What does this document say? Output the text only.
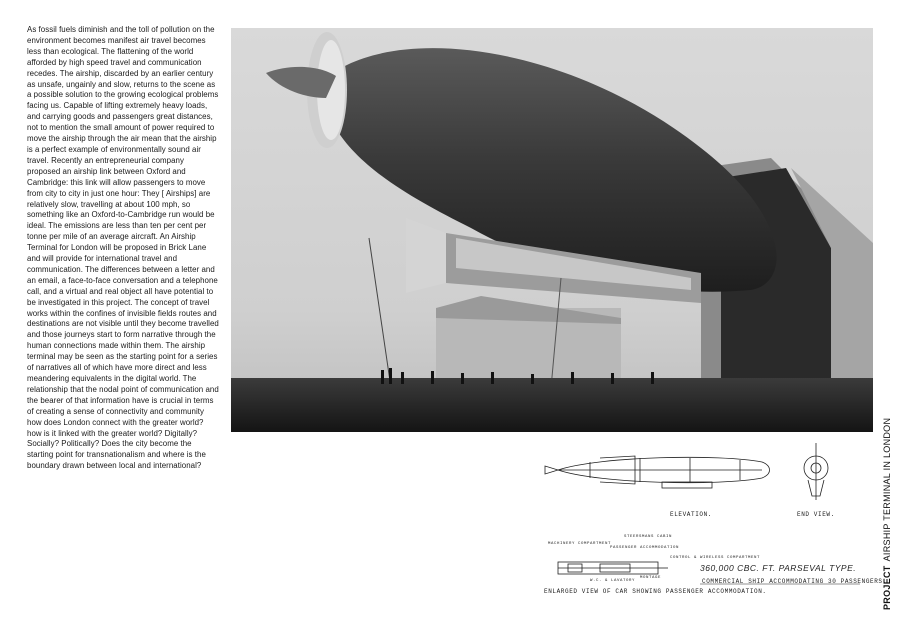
As fossil fuels diminish and the toll of pollution on the environment becomes manifest air travel becomes less than ecological. The flattening of the world afforded by high speed travel and communication recedes. The airship, discarded by an earlier century as unsafe, ungainly and slow, returns to the scene as a possible solution to the growing ecological problems facing us. Capable of lifting extremely heavy loads, and carrying goods and passengers great distances, not to mention the small amount of power required to move the airship through the air mean that the airship is a perfect example of environmentally sound air travel. Recently an entrepreneurial company proposed an airship link between Oxford and Cambridge: this link will allow passengers to move from city to city in just one hour: They [ Airships] are relatively slow, travelling at about 100 mph, so something like an Oxford-to-Cambridge run would be ideal. The emissions are less than ten per cent per tonne per mile of an average aircraft. An Airship Terminal for London will be proposed in Brick Lane and will provide for international travel and communication. The differences between a letter and an email, a face-to-face conversation and a telephone call, and a virtual and real object all have potential to be investigated in this project. The concept of travel works within the confines of invisible fields routes and destinations are not visible until they become travelled and those journeys start to form narrative through the human connections made within them. The airship terminal may be seen as the starting point for a series of narratives all of which have more direct and less meandering equivalents in the digital world. The relationship that the nodal point of communication and the bearer of that information have is crucial in terms of creating a sense of connectivity and community how does London connect with the greater world? how is it linked with the greater world? Digitally? Socially? Politically? Does the city become the starting point for transnationalism and where is the boundary drawn between local and international?

ELEVATION.	END VIEW.
360,000 CBC. FT. PARSEVAL TYPE.
COMMERCIAL SHIP ACCOMMODATING 30 PASSENGERS.
ENLARGED VIEW OF CAR SHOWING PASSENGER ACCOMMODATION.
STEERSMANS CABIN
MACHINERY COMPARTMENT
PASSENGER ACCOMMODATION
CONTROL & WIRELESS COMPARTMENT
W.C. & LAVATORY
MONTAGE	PROJECTAIRSHIP TERMINAL IN LONDON
